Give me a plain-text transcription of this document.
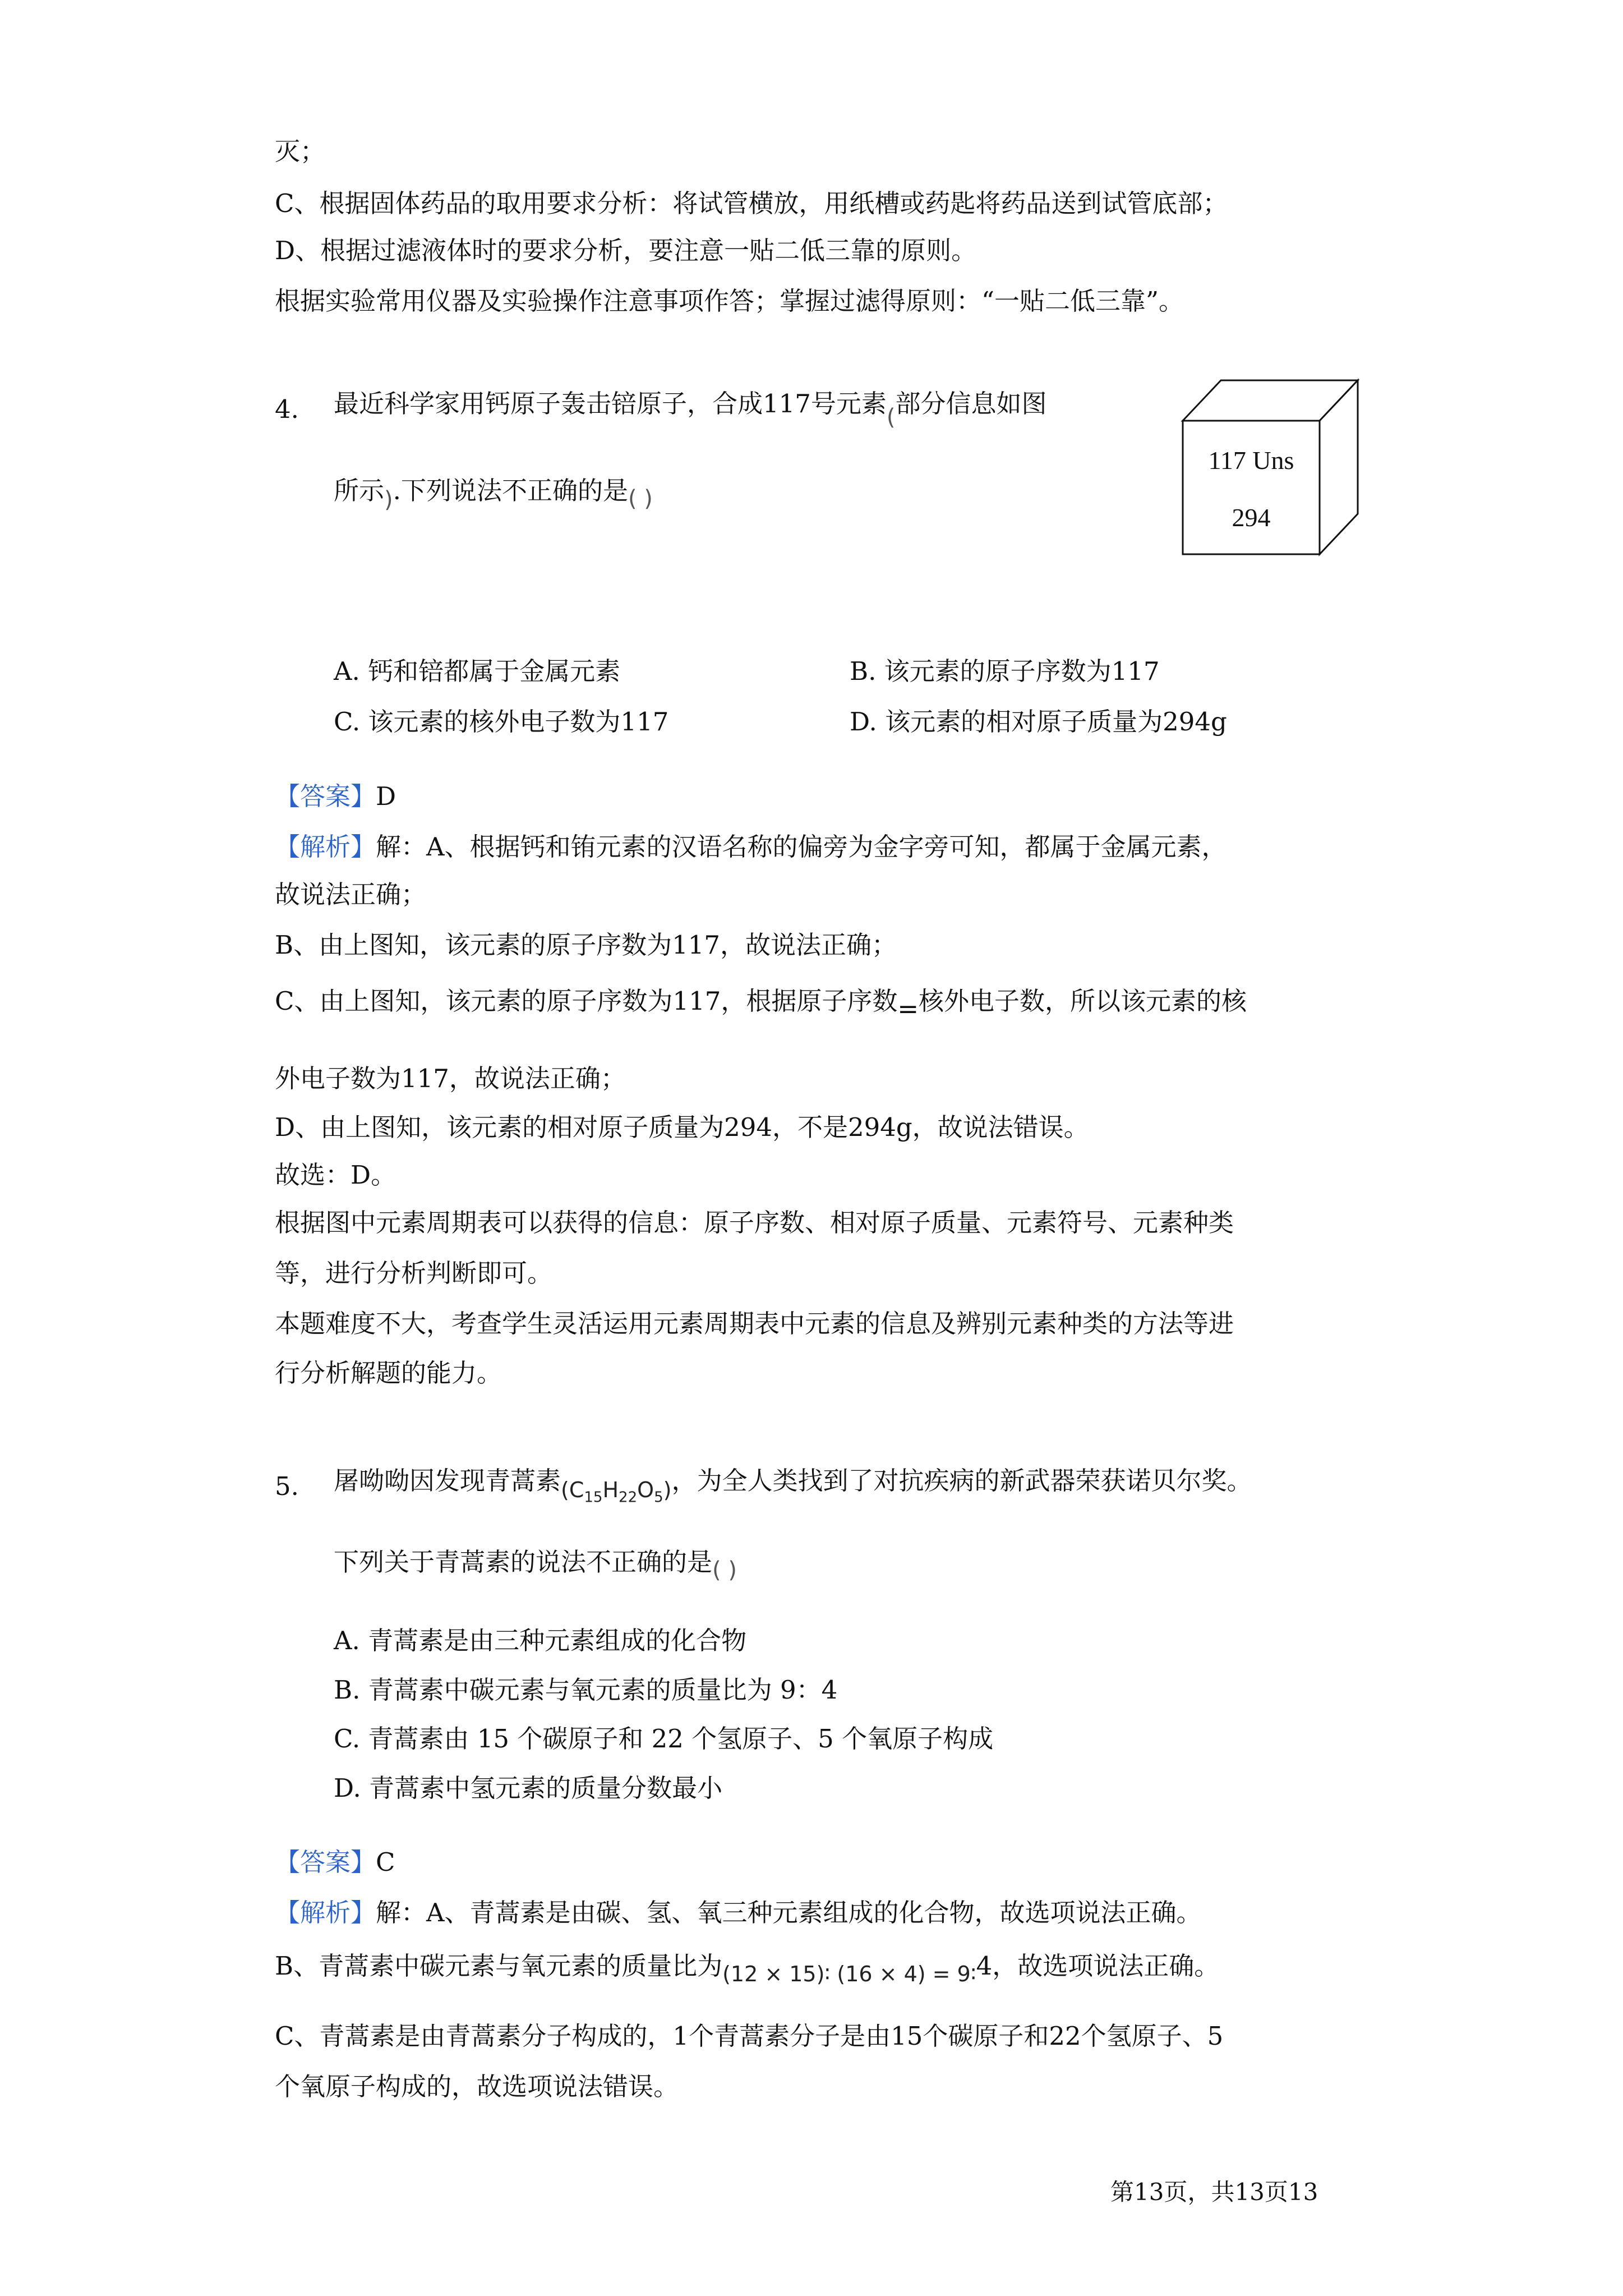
灭；
C、根据固体药品的取用要求分析：将试管横放，用纸槽或药匙将药品送到试管底部；
D、根据过滤液体时的要求分析，要注意一贴二低三靠的原则。
根据实验常用仪器及实验操作注意事项作答；掌握过滤得原则：“一贴二低三靠”。
4. 最近科学家用钙原子轰击锫原子，合成117号元素(部分信息如图
所示).下列说法不正确的是( )
117 Uns
294
A. 钙和锫都属于金属元素	B. 该元素的原子序数为117
C. 该元素的核外电子数为117	D. 该元素的相对原子质量为294g
【答案】D
【解析】解：A、根据钙和铕元素的汉语名称的偏旁为金字旁可知，都属于金属元素，
故说法正确；
B、由上图知，该元素的原子序数为117，故说法正确；
C、由上图知，该元素的原子序数为117，根据原子序数=核外电子数，所以该元素的核
外电子数为117，故说法正确；
D、由上图知，该元素的相对原子质量为294，不是294g，故说法错误。
故选：D。
根据图中元素周期表可以获得的信息：原子序数、相对原子质量、元素符号、元素种类
等，进行分析判断即可。
本题难度不大，考查学生灵活运用元素周期表中元素的信息及辨别元素种类的方法等进
行分析解题的能力。
5. 屠呦呦因发现青蒿素$_{(C_{15}H_{22}O_5)}$，为全人类找到了对抗疾病的新武器荣获诺贝尔奖。
下列关于青蒿素的说法不正确的是( )
A. 青蒿素是由三种元素组成的化合物
B. 青蒿素中碳元素与氧元素的质量比为 9：4
C. 青蒿素由 15 个碳原子和 22 个氢原子、5 个氧原子构成
D. 青蒿素中氢元素的质量分数最小
【答案】C
【解析】解：A、青蒿素是由碳、氢、氧三种元素组成的化合物，故选项说法正确。
B、青蒿素中碳元素与氧元素的质量比为$_{(12 \times 15)∶ (16 \times 4) = 9∶}$4，故选项说法正确。
C、青蒿素是由青蒿素分子构成的，1个青蒿素分子是由15个碳原子和22个氢原子、5
个氧原子构成的，故选项说法错误。
第13页，共13页13
